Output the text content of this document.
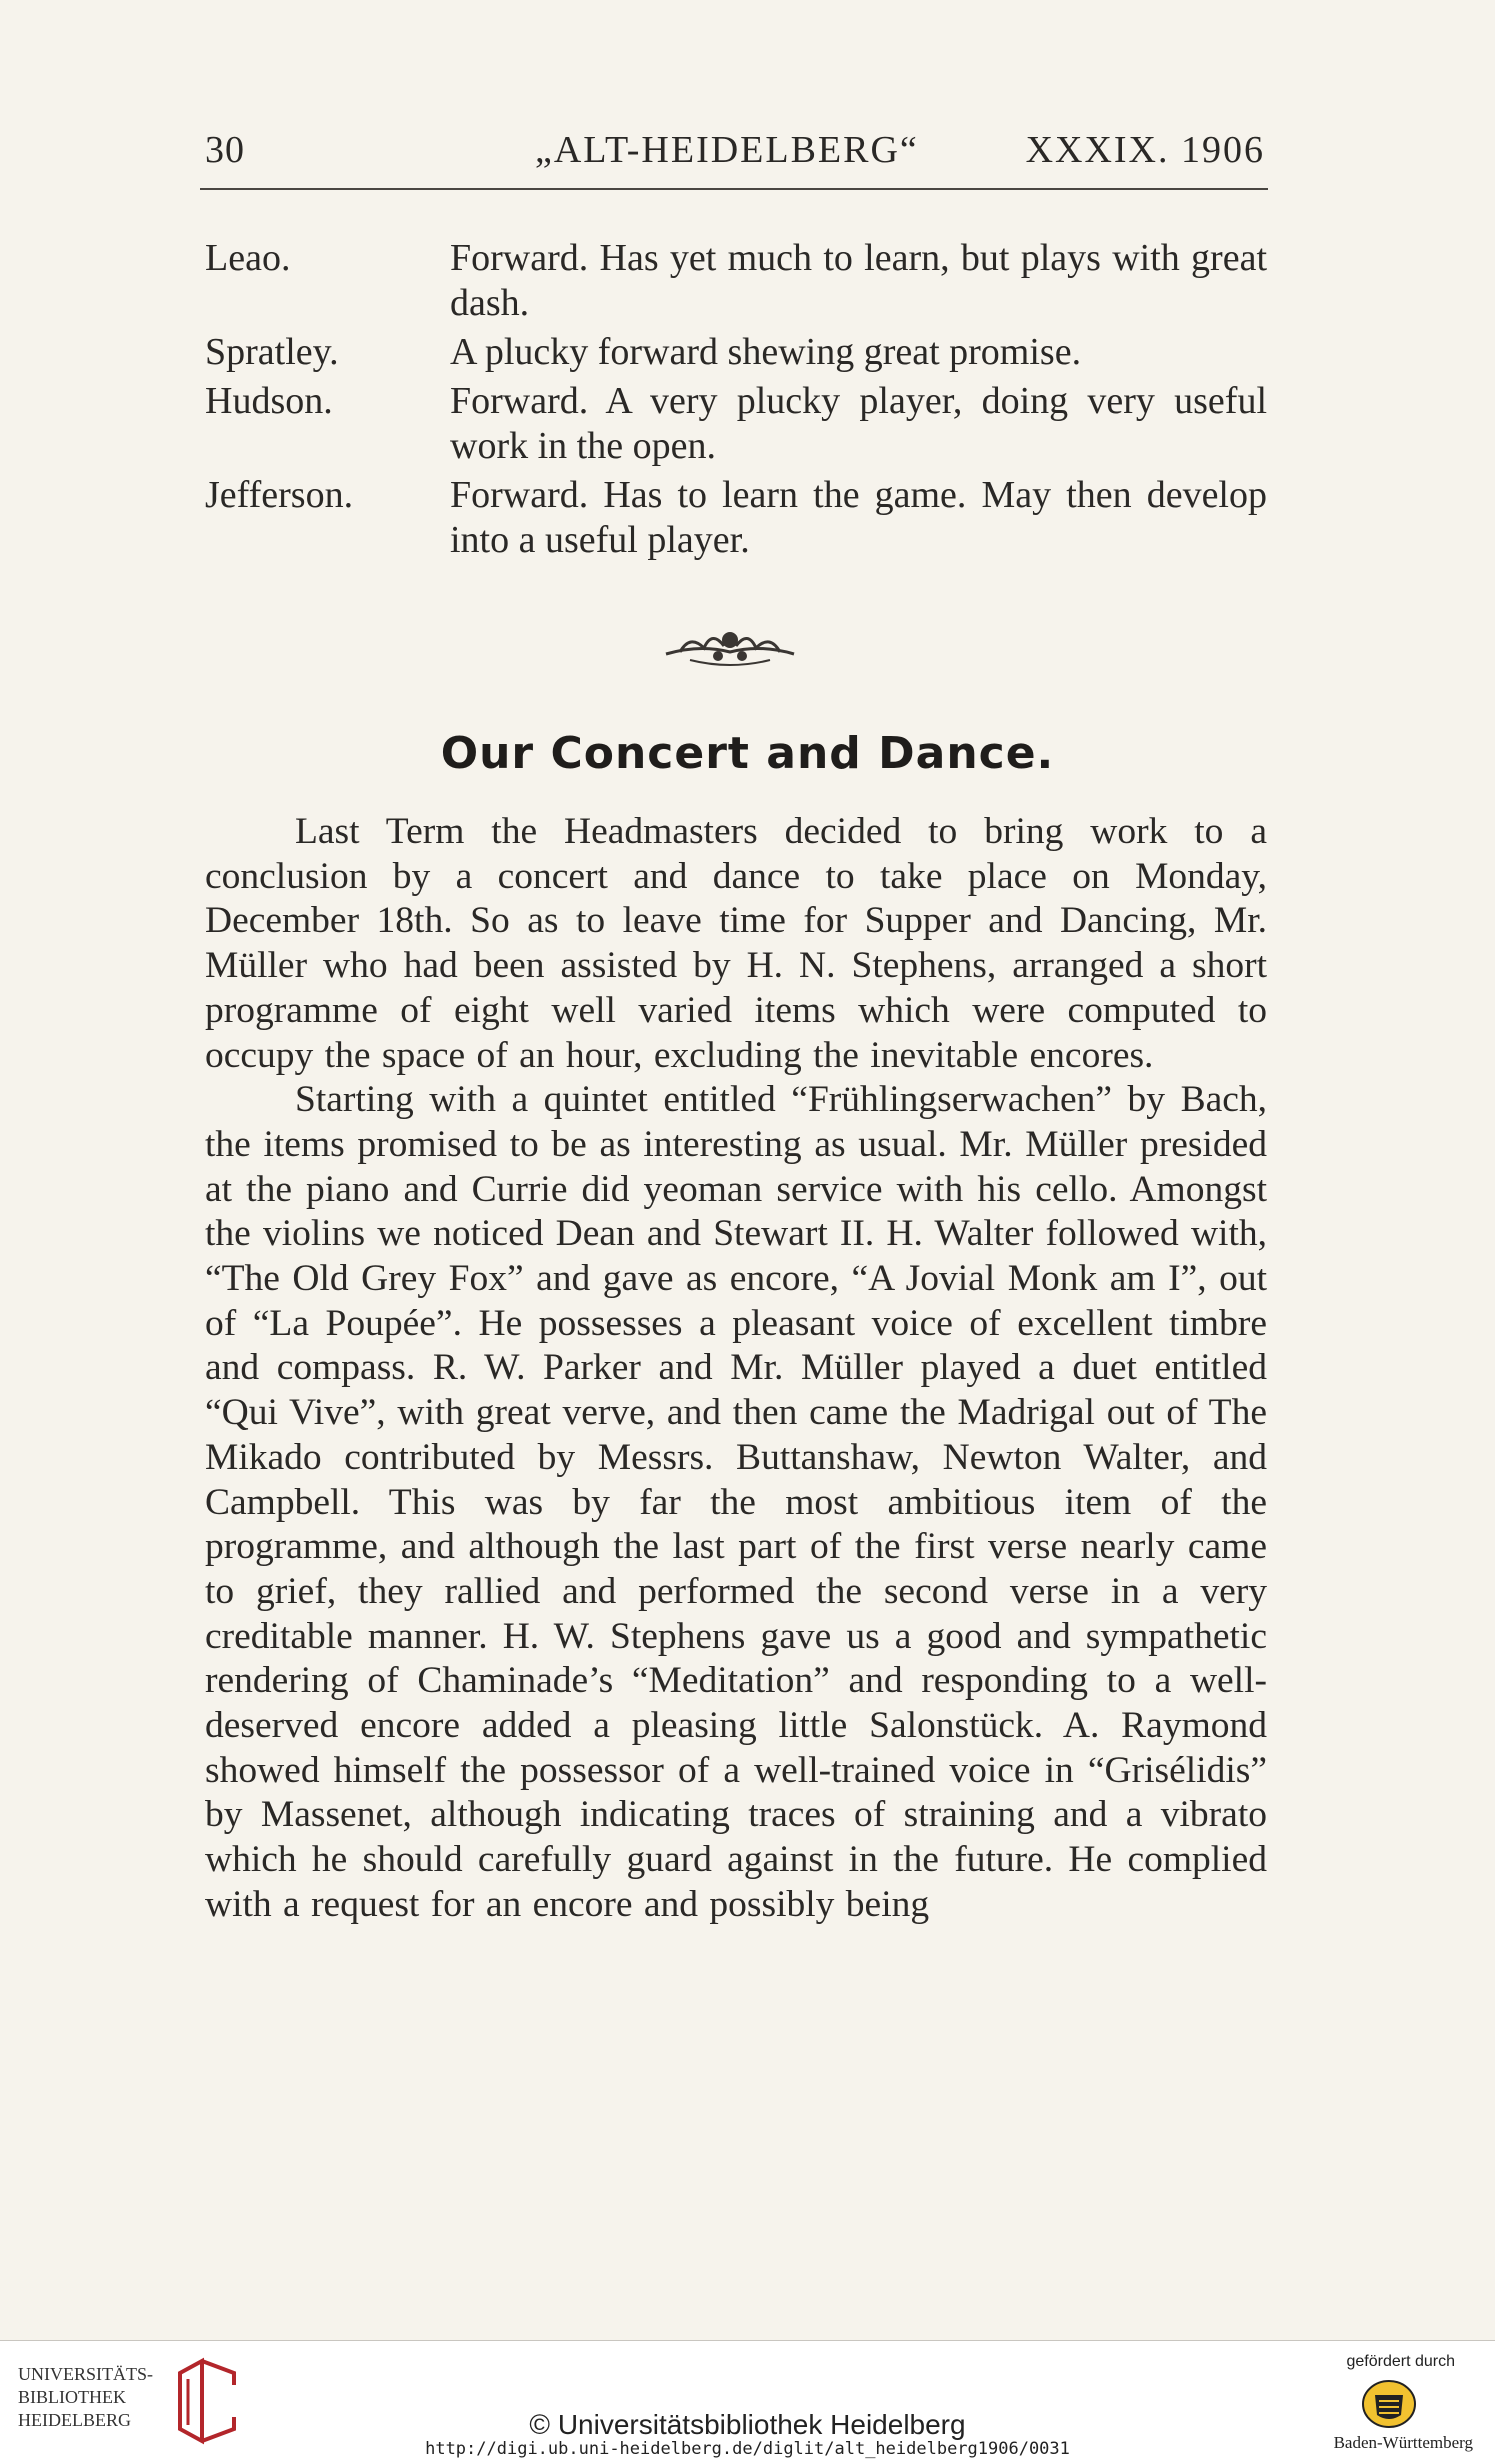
30	„ALT-HEIDELBERG“	XXXIX. 1906
Leao.	Forward. Has yet much to learn, but plays with great dash.
Spratley.	A plucky forward shewing great promise.
Hudson.	Forward. A very plucky player, doing very useful work in the open.
Jefferson.	Forward. Has to learn the game. May then develop into a useful player.
Our Concert and Dance.

Last Term the Headmasters decided to bring work to a conclusion by a concert and dance to take place on Monday, December 18th. So as to leave time for Supper and Dancing, Mr. Müller who had been assisted by H. N. Stephens, arranged a short programme of eight well varied items which were computed to occupy the space of an hour, excluding the inevitable encores.

Starting with a quintet entitled “Frühlingserwachen” by Bach, the items promised to be as interesting as usual. Mr. Müller presided at the piano and Currie did yeoman service with his cello. Amongst the violins we noticed Dean and Stewart II. H. Walter followed with, “The Old Grey Fox” and gave as encore, “A Jovial Monk am I”, out of “La Poupée”. He possesses a pleasant voice of excellent timbre and compass. R. W. Parker and Mr. Müller played a duet entitled “Qui Vive”, with great verve, and then came the Madrigal out of The Mikado contributed by Messrs. Buttanshaw, Newton Walter, and Campbell. This was by far the most ambitious item of the programme, and although the last part of the first verse nearly came to grief, they rallied and performed the second verse in a very creditable manner. H. W. Stephens gave us a good and sympathetic rendering of Chaminade’s “Meditation” and responding to a well-deserved encore added a pleasing little Salonstück. A. Raymond showed himself the possessor of a well-trained voice in “Grisélidis” by Massenet, although indicating traces of straining and a vibrato which he should carefully guard against in the future. He complied with a request for an encore and possibly being

UNIVERSITÄTS-
BIBLIOTHEK
HEIDELBERG	© Universitätsbibliothek Heidelberg
http://digi.ub.uni-heidelberg.de/diglit/alt_heidelberg1906/0031
gefördert durch
Baden-Württemberg
